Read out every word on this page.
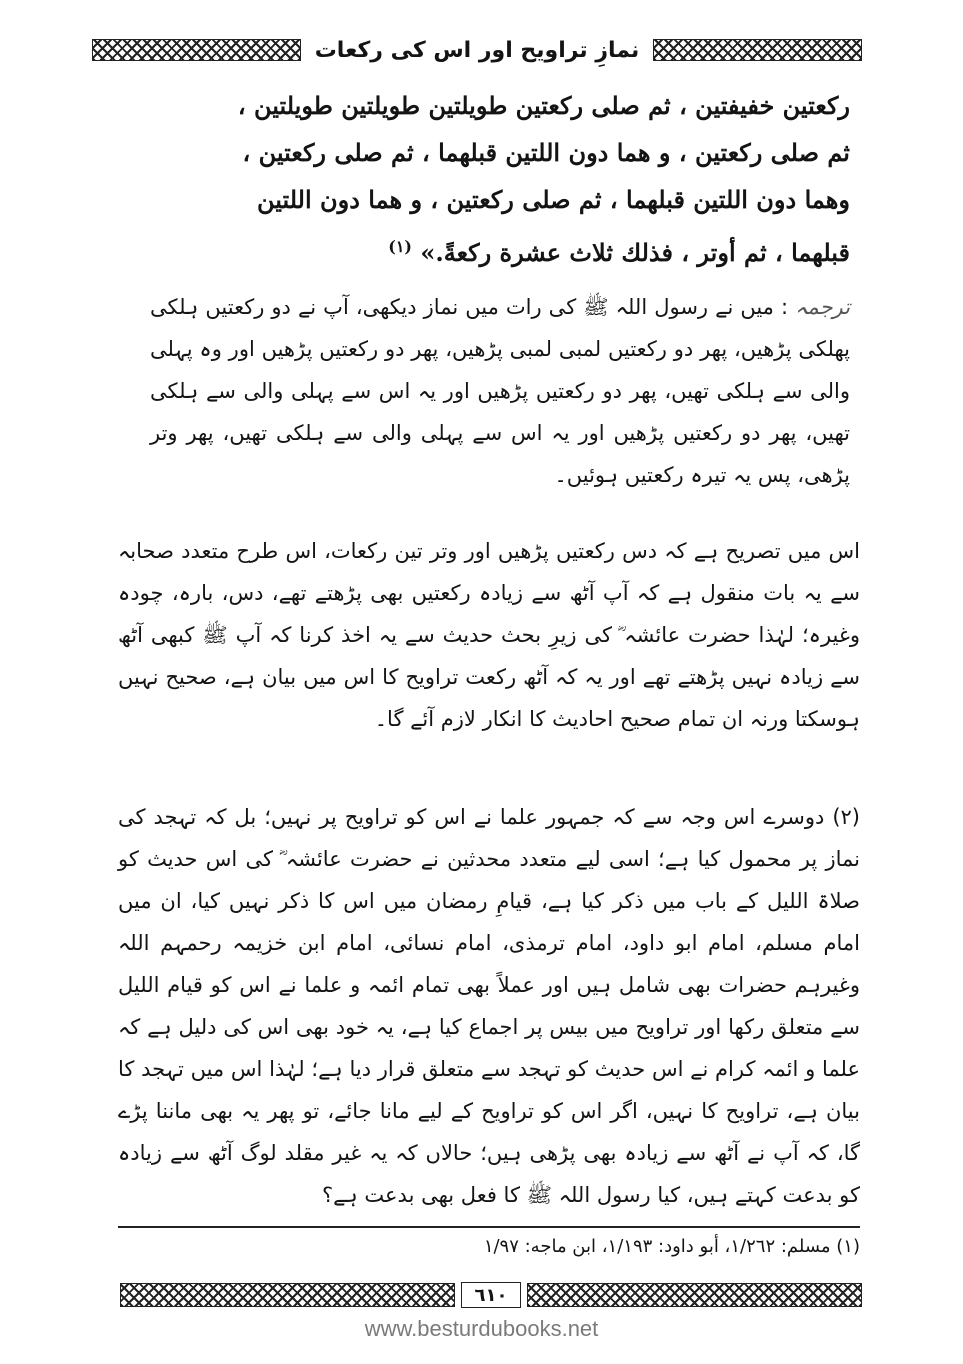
نمازِ تراویح اور اس کی رکعات

ركعتين خفيفتين ، ثم صلى ركعتين طويلتين طويلتين طويلتين ،

ثم صلى ركعتين ، و هما دون اللتين قبلهما ، ثم صلى ركعتين ،

وهما دون اللتين قبلهما ، ثم صلى ركعتين ، و هما دون اللتين

قبلهما ، ثم أوتر ، فذلك ثلاث عشرة ركعةً.» $^{(١)}$

ترجمہ : میں نے رسول اللہ ﷺ کی رات میں نماز دیکھی، آپ نے دو رکعتیں ہلکی پھلکی پڑھیں، پھر دو رکعتیں لمبی لمبی پڑھیں، پھر دو رکعتیں پڑھیں اور وہ پہلی والی سے ہلکی تھیں، پھر دو رکعتیں پڑھیں اور یہ اس سے پہلی والی سے ہلکی تھیں، پھر دو رکعتیں پڑھیں اور یہ اس سے پہلی والی سے ہلکی تھیں، پھر وتر پڑھی، پس یہ تیرہ رکعتیں ہوئیں۔

اس میں تصریح ہے کہ دس رکعتیں پڑھیں اور وتر تین رکعات، اس طرح متعدد صحابہ سے یہ بات منقول ہے کہ آپ آٹھ سے زیادہ رکعتیں بھی پڑھتے تھے، دس، بارہ، چودہ وغیرہ؛ لہٰذا حضرت عائشہ ؓ کی زیرِ بحث حدیث سے یہ اخذ کرنا کہ آپ ﷺ کبھی آٹھ سے زیادہ نہیں پڑھتے تھے اور یہ کہ آٹھ رکعت تراویح کا اس میں بیان ہے، صحیح نہیں ہوسکتا ورنہ ان تمام صحیح احادیث کا انکار لازم آئے گا۔

(۲) دوسرے اس وجہ سے کہ جمہور علما نے اس کو تراویح پر نہیں؛ بل کہ تہجد کی نماز پر محمول کیا ہے؛ اسی لیے متعدد محدثین نے حضرت عائشہ ؓ کی اس حدیث کو صلاۃ اللیل کے باب میں ذکر کیا ہے، قیامِ رمضان میں اس کا ذکر نہیں کیا، ان میں امام مسلم، امام ابو داود، امام ترمذی، امام نسائی، امام ابن خزیمہ رحمہم اللہ وغیرہم حضرات بھی شامل ہیں اور عملاً بھی تمام ائمہ و علما نے اس کو قیام اللیل سے متعلق رکھا اور تراویح میں بیس پر اجماع کیا ہے، یہ خود بھی اس کی دلیل ہے کہ علما و ائمہ کرام نے اس حدیث کو تہجد سے متعلق قرار دیا ہے؛ لہٰذا اس میں تہجد کا بیان ہے، تراویح کا نہیں، اگر اس کو تراویح کے لیے مانا جائے، تو پھر یہ بھی ماننا پڑے گا، کہ آپ نے آٹھ سے زیادہ بھی پڑھی ہیں؛ حالاں کہ یہ غیر مقلد لوگ آٹھ سے زیادہ کو بدعت کہتے ہیں، کیا رسول اللہ ﷺ کا فعل بھی بدعت ہے؟

(١) مسلم: ١/٢٦٢، أبو داود: ١/١٩٣، ابن ماجه: ١/٩٧
٦١٠
www.besturdubooks.net
